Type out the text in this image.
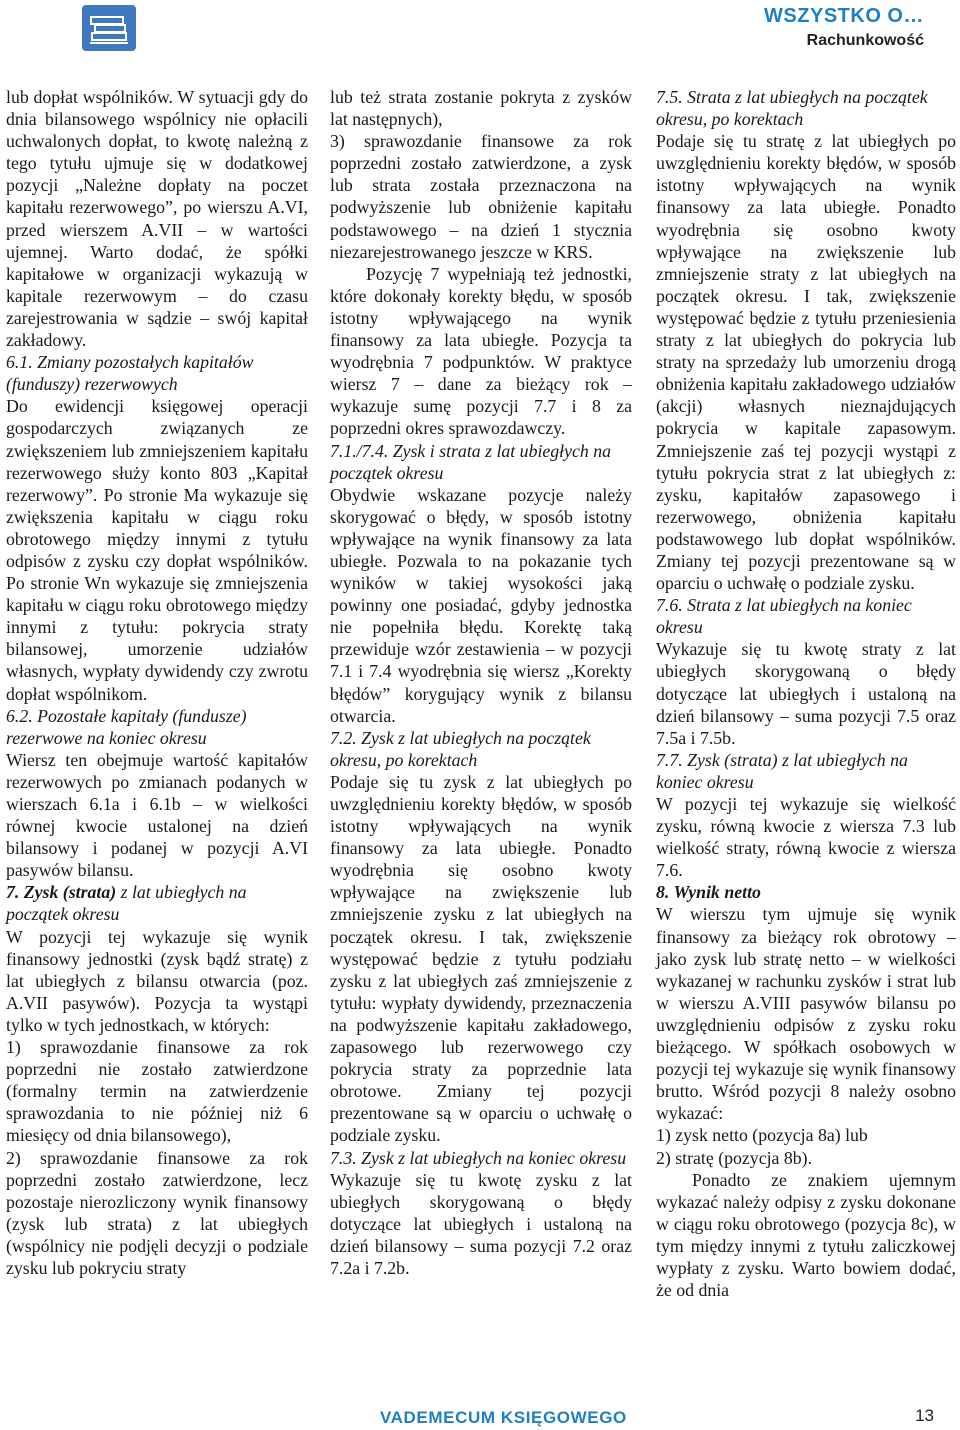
WSZYSTKO O…
Rachunkowość

lub dopłat wspólników. W sytuacji gdy do dnia bilansowego wspólnicy nie opłacili uchwalonych dopłat, to kwotę należną z tego tytułu ujmuje się w dodatkowej pozycji „Należne dopłaty na poczet kapitału rezerwowego”, po wierszu A.VI, przed wierszem A.VII – w wartości ujemnej. Warto dodać, że spółki kapitałowe w organizacji wykazują w kapitale rezerwowym – do czasu zarejestrowania w sądzie – swój kapitał zakładowy.

6.1. Zmiany pozostałych kapitałów (funduszy) rezerwowych

Do ewidencji księgowej operacji gospodarczych związanych ze zwiększeniem lub zmniejszeniem kapitału rezerwowego służy konto 803 „Kapitał rezerwowy”. Po stronie Ma wykazuje się zwiększenia kapitału w ciągu roku obrotowego między innymi z tytułu odpisów z zysku czy dopłat wspólników. Po stronie Wn wykazuje się zmniejszenia kapitału w ciągu roku obrotowego między innymi z tytułu: pokrycia straty bilansowej, umorzenie udziałów własnych, wypłaty dywidendy czy zwrotu dopłat wspólnikom.

6.2. Pozostałe kapitały (fundusze) rezerwowe na koniec okresu

Wiersz ten obejmuje wartość kapitałów rezerwowych po zmianach podanych w wierszach 6.1a i 6.1b – w wielkości równej kwocie ustalonej na dzień bilansowy i podanej w pozycji A.VI pasywów bilansu.

7. Zysk (strata) z lat ubiegłych na początek okresu

W pozycji tej wykazuje się wynik finansowy jednostki (zysk bądź stratę) z lat ubiegłych z bilansu otwarcia (poz. A.VII pasywów). Pozycja ta wystąpi tylko w tych jednostkach, w których:

1) sprawozdanie finansowe za rok poprzedni nie zostało zatwierdzone (formalny termin na zatwierdzenie sprawozdania to nie później niż 6 miesięcy od dnia bilansowego),

2) sprawozdanie finansowe za rok poprzedni zostało zatwierdzone, lecz pozostaje nierozliczony wynik finansowy (zysk lub strata) z lat ubiegłych (wspólnicy nie podjęli decyzji o podziale zysku lub pokryciu straty

lub też strata zostanie pokryta z zysków lat następnych),

3) sprawozdanie finansowe za rok poprzedni zostało zatwierdzone, a zysk lub strata została przeznaczona na podwyższenie lub obniżenie kapitału podstawowego – na dzień 1 stycznia niezarejestrowanego jeszcze w KRS.

Pozycję 7 wypełniają też jednostki, które dokonały korekty błędu, w sposób istotny wpływającego na wynik finansowy za lata ubiegłe. Pozycja ta wyodrębnia 7 podpunktów. W praktyce wiersz 7 – dane za bieżący rok – wykazuje sumę pozycji 7.7 i 8 za poprzedni okres sprawozdawczy.

7.1./7.4. Zysk i strata z lat ubiegłych na początek okresu

Obydwie wskazane pozycje należy skorygować o błędy, w sposób istotny wpływające na wynik finansowy za lata ubiegłe. Pozwala to na pokazanie tych wyników w takiej wysokości jaką powinny one posiadać, gdyby jednostka nie popełniła błędu. Korektę taką przewiduje wzór zestawienia – w pozycji 7.1 i 7.4 wyodrębnia się wiersz „Korekty błędów” korygujący wynik z bilansu otwarcia.

7.2. Zysk z lat ubiegłych na początek okresu, po korektach

Podaje się tu zysk z lat ubiegłych po uwzględnieniu korekty błędów, w sposób istotny wpływających na wynik finansowy za lata ubiegłe. Ponadto wyodrębnia się osobno kwoty wpływające na zwiększenie lub zmniejszenie zysku z lat ubiegłych na początek okresu. I tak, zwiększenie występować będzie z tytułu podziału zysku z lat ubiegłych zaś zmniejszenie z tytułu: wypłaty dywidendy, przeznaczenia na podwyższenie kapitału zakładowego, zapasowego lub rezerwowego czy pokrycia straty za poprzednie lata obrotowe. Zmiany tej pozycji prezentowane są w oparciu o uchwałę o podziale zysku.

7.3. Zysk z lat ubiegłych na koniec okresu

Wykazuje się tu kwotę zysku z lat ubiegłych skorygowaną o błędy dotyczące lat ubiegłych i ustaloną na dzień bilansowy – suma pozycji 7.2 oraz 7.2a i 7.2b.

7.5. Strata z lat ubiegłych na początek okresu, po korektach

Podaje się tu stratę z lat ubiegłych po uwzględnieniu korekty błędów, w sposób istotny wpływających na wynik finansowy za lata ubiegłe. Ponadto wyodrębnia się osobno kwoty wpływające na zwiększenie lub zmniejszenie straty z lat ubiegłych na początek okresu. I tak, zwiększenie występować będzie z tytułu przeniesienia straty z lat ubiegłych do pokrycia lub straty na sprzedaży lub umorzeniu drogą obniżenia kapitału zakładowego udziałów (akcji) własnych nieznajdujących pokrycia w kapitale zapasowym. Zmniejszenie zaś tej pozycji wystąpi z tytułu pokrycia strat z lat ubiegłych z: zysku, kapitałów zapasowego i rezerwowego, obniżenia kapitału podstawowego lub dopłat wspólników. Zmiany tej pozycji prezentowane są w oparciu o uchwałę o podziale zysku.

7.6. Strata z lat ubiegłych na koniec okresu

Wykazuje się tu kwotę straty z lat ubiegłych skorygowaną o błędy dotyczące lat ubiegłych i ustaloną na dzień bilansowy – suma pozycji 7.5 oraz 7.5a i 7.5b.

7.7. Zysk (strata) z lat ubiegłych na koniec okresu

W pozycji tej wykazuje się wielkość zysku, równą kwocie z wiersza 7.3 lub wielkość straty, równą kwocie z wiersza 7.6.

8. Wynik netto

W wierszu tym ujmuje się wynik finansowy za bieżący rok obrotowy – jako zysk lub stratę netto – w wielkości wykazanej w rachunku zysków i strat lub w wierszu A.VIII pasywów bilansu po uwzględnieniu odpisów z zysku roku bieżącego. W spółkach osobowych w pozycji tej wykazuje się wynik finansowy brutto. Wśród pozycji 8 należy osobno wykazać:

1) zysk netto (pozycja 8a) lub

2) stratę (pozycja 8b).

Ponadto ze znakiem ujemnym wykazać należy odpisy z zysku dokonane w ciągu roku obrotowego (pozycja 8c), w tym między innymi z tytułu zaliczkowej wypłaty z zysku. Warto bowiem dodać, że od dnia

VADEMECUM KSIĘGOWEGO	13
